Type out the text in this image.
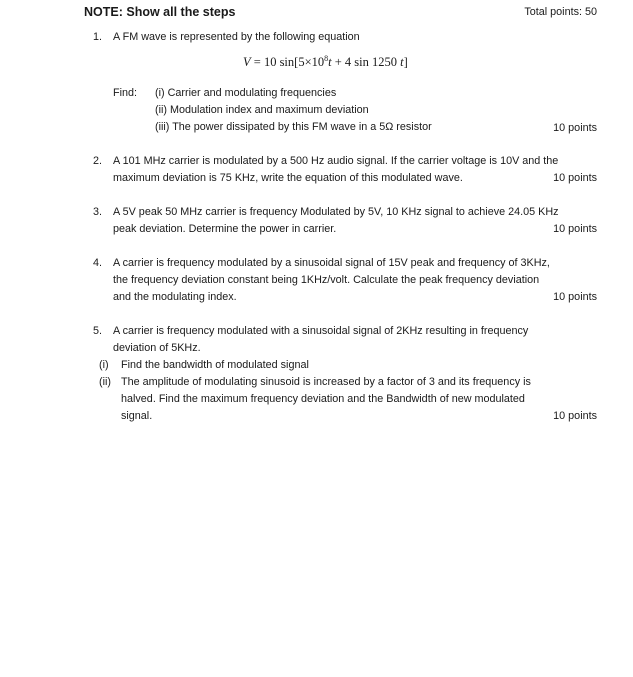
NOTE: Show all the steps	Total points: 50
1. A FM wave is represented by the following equation
V = 10 $\sin[5\times 10^8t + 4$ sin 1250 t]
Find: (i) Carrier and modulating frequencies
(ii) Modulation index and maximum deviation
(iii) The power dissipated by this FM wave in a 5Ω resistor	10 points
2. A 101 MHz carrier is modulated by a 500 Hz audio signal. If the carrier voltage is 10V and the
maximum deviation is 75 KHz, write the equation of this modulated wave.	10 points
3. A 5V peak 50 MHz carrier is frequency Modulated by 5V, 10 KHz signal to achieve 24.05 KHz
peak deviation. Determine the power in carrier.	10 points
4. A carrier is frequency modulated by a sinusoidal signal of 15V peak and frequency of 3KHz,
the frequency deviation constant being 1KHz/volt. Calculate the peak frequency deviation
and the modulating index.	10 points
5. A carrier is frequency modulated with a sinusoidal signal of 2KHz resulting in frequency
deviation of 5KHz.
(i) Find the bandwidth of modulated signal
(ii) The amplitude of modulating sinusoid is increased by a factor of 3 and its frequency is
halved. Find the maximum frequency deviation and the Bandwidth of new modulated
signal.	10 points
